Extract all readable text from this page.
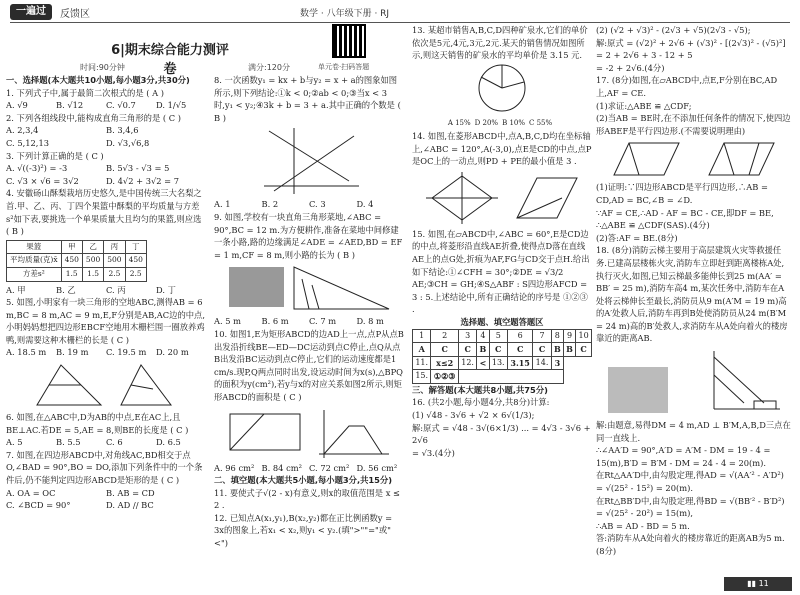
一遍过	反馈区	数学 · 八年级下册 · RJ
6|期末综合能力测评卷	单元卷·扫码答题
时间:90分钟	满分:120分
一、选择题(本大题共10小题,每小题3分,共30分)
1. 下列式子中,属于最简二次根式的是 ( A )
A. √9	B. √12	C. √0.7	D. 1/√5
2. 下列各组线段中,能构成直角三角形的是 ( C )
A. 2,3,4	B. 3,4,6
C. 5,12,13	D. √3,√6,8
3. 下列计算正确的是 ( C )
A. √((-3)²) = -3	B. 5√3 - √3 = 5
C. √3 × √6 = 3√2	D. 4√2 + 3√2 = 7
4. 安徽砀山酥梨栽培历史悠久,是中国传统三大名梨之首.甲、乙、丙、丁四个果篮中酥梨的平均质量与方差s²如下表,要挑选一个单果质量大且均匀的果篮,则应选 ( B )
果篮	甲	乙	丙	丁
平均质量(克)x̄	450	500	500	450
方差s²	1.5	1.5	2.5	2.5
A. 甲	B. 乙	C. 丙	D. 丁
5. 如图,小明家有一块三角形的空地ABC,测得AB = 6 m,BC = 8 m,AC = 9 m,E,F分别是AB,AC边的中点,小明妈妈想把四边形EBCF空地用木栅栏围一圈放养鸡鸭,则需要这种木栅栏的长是 ( C )
A. 18.5 m	B. 19 m	C. 19.5 m	D. 20 m
6. 如图,在△ABC中,D为AB的中点,E在AC上,且BE⊥AC.若DE = 5,AE = 8,则BE的长度是 ( C )
A. 5	B. 5.5	C. 6	D. 6.5
7. 如图,在四边形ABCD中,对角线AC,BD相交于点O,∠BAD = 90°,BO = DO,添加下列条件中的一个条件后,仍不能判定四边形ABCD是矩形的是 ( C )
A. OA = OC	B. AB = CD
C. ∠BCD = 90°	D. AD // BC
8. 一次函数y₁ = kx + b与y₂ = x + a的图象如图所示,则下列结论:①k < 0;②ab < 0;③当x < 3时,y₁ < y₂;④3k + b = 3 + a.其中正确的个数是 ( B )
A. 1	B. 2	C. 3	D. 4
9. 如图,学校有一块直角三角形菜地,∠ABC = 90°,BC = 12 m.为方便耕作,准备在菜地中间修建一条小路,路的边缘满足∠ADE = ∠AED,BD = EF = 1 m,CF = 8 m,则小路的长为 ( B )
A. 5 m	B. 6 m	C. 7 m	D. 8 m
10. 如图1,E为矩形ABCD的边AD上一点,点P从点B出发沿折线BE—ED—DC运动到点C停止,点Q从点B出发沿BC运动到点C停止,它们的运动速度都是1 cm/s.现P,Q两点同时出发,设运动时间为x(s),△BPQ的面积为y(cm²),若y与x的对应关系如图2所示,则矩形ABCD的面积是 ( C )
A. 96 cm² B. 84 cm² C. 72 cm² D. 56 cm²
二、填空题(本大题共5小题,每小题3分,共15分)
11. 要使式子√(2 - x)有意义,则x的取值范围是 x ≤ 2 .
12. 已知点A(x₁,y₁),B(x₂,y₂)都在正比例函数y = 3x的图象上,若x₁ < x₂,则y₁ < y₂.(填">""="或"<")
13. 某超市销售A,B,C,D四种矿泉水,它们的单价依次是5元,4元,3元,2元.某天的销售情况如图所示,则这天销售的矿泉水的平均单价是 3.15 元.
A 15% D 20% B 10% C 55%
14. 如图,在菱形ABCD中,点A,B,C,D均在坐标轴上,∠ABC = 120°,A(-3,0),点E是CD的中点,点P是OC上的一动点,则PD + PE的最小值是 3 .
15. 如图,在▱ABCD中,∠ABC = 60°,E是CD边的中点,将菱形沿直线AE折叠,使得点D落在直线AE上的点G处,折痕为AF,FG与CD交于点H.给出如下结论:①∠CFH = 30°;②DE = √3/2 AE;③CH = GH;④S△ABF : S四边形AFCD = 3 : 5.上述结论中,所有正确结论的序号是 ①②③ .
选择题、填空题答题区
1	2	3	4	5	6	7	8	9	10
A	C	C	B	C	C	C	B	B	C
11.	x≤2	12.	<	13.	3.15	14.	3		
15.	①②③								
三、解答题(本大题共8小题,共75分)
16. (共2小题,每小题4分,共8分)计算:
(1) √48 - 3√6 + √2 × 6√(1/3);
解:原式 = √48 - 3√(6×1/3) ... = 4√3 - 3√6 + 2√6
= √3.(4分)
(2) (√2 + √3)² - (2√3 + √5)(2√3 - √5);
解:原式 = (√2)² + 2√6 + (√3)² - [(2√3)² - (√5)²]
= 2 + 2√6 + 3 - 12 + 5
= -2 + 2√6.(4分)
17. (8分)如图,在▱ABCD中,点E,F分别在BC,AD上,AF = CE.
(1)求证:△ABE ≌ △CDF;
(2)当AB = BE时,在不添加任何条件的情况下,使四边形ABEF是平行四边形.(不需要说明理由)
(1)证明:∵四边形ABCD是平行四边形,∴AB = CD,AD = BC,∠B = ∠D.
∵AF = CE,∴AD - AF = BC - CE,即DF = BE,
∴△ABE ≌ △CDF(SAS).(4分)
(2)答:AF = BE.(8分)
18. (8分)消防云梯主要用于高层建筑火灾等救援任务.已建高层楼栋火灾,消防车立即赶到距离楼栋A处,执行灭火,如图,已知云梯最多能伸长到25 m(AA′ = BB′ = 25 m),消防车高4 m,某次任务中,消防车在A处将云梯伸长至最长,消防员从9 m(A′M = 19 m)高的A′处救人后,消防车再到B处使消防员从24 m(B′M = 24 m)高的B′处救人,求消防车从A处向着火的楼房靠近的距离AB.
解:由题意,易得DM = 4 m,AD ⊥ B′M,A,B,D三点在同一直线上.
∴∠AA′D = 90°,A′D = A′M - DM = 19 - 4 = 15(m),B′D = B′M - DM = 24 - 4 = 20(m).
在Rt△AA′D中,由勾股定理,得AD = √(AA′² - A′D²) = √(25² - 15²) = 20(m).
在Rt△BB′D中,由勾股定理,得BD = √(BB′² - B′D²) = √(25² - 20²) = 15(m),
∴AB = AD - BD = 5 m.
答:消防车从A处向着火的楼房靠近的距离AB为5 m.(8分)
▮▮ 11
